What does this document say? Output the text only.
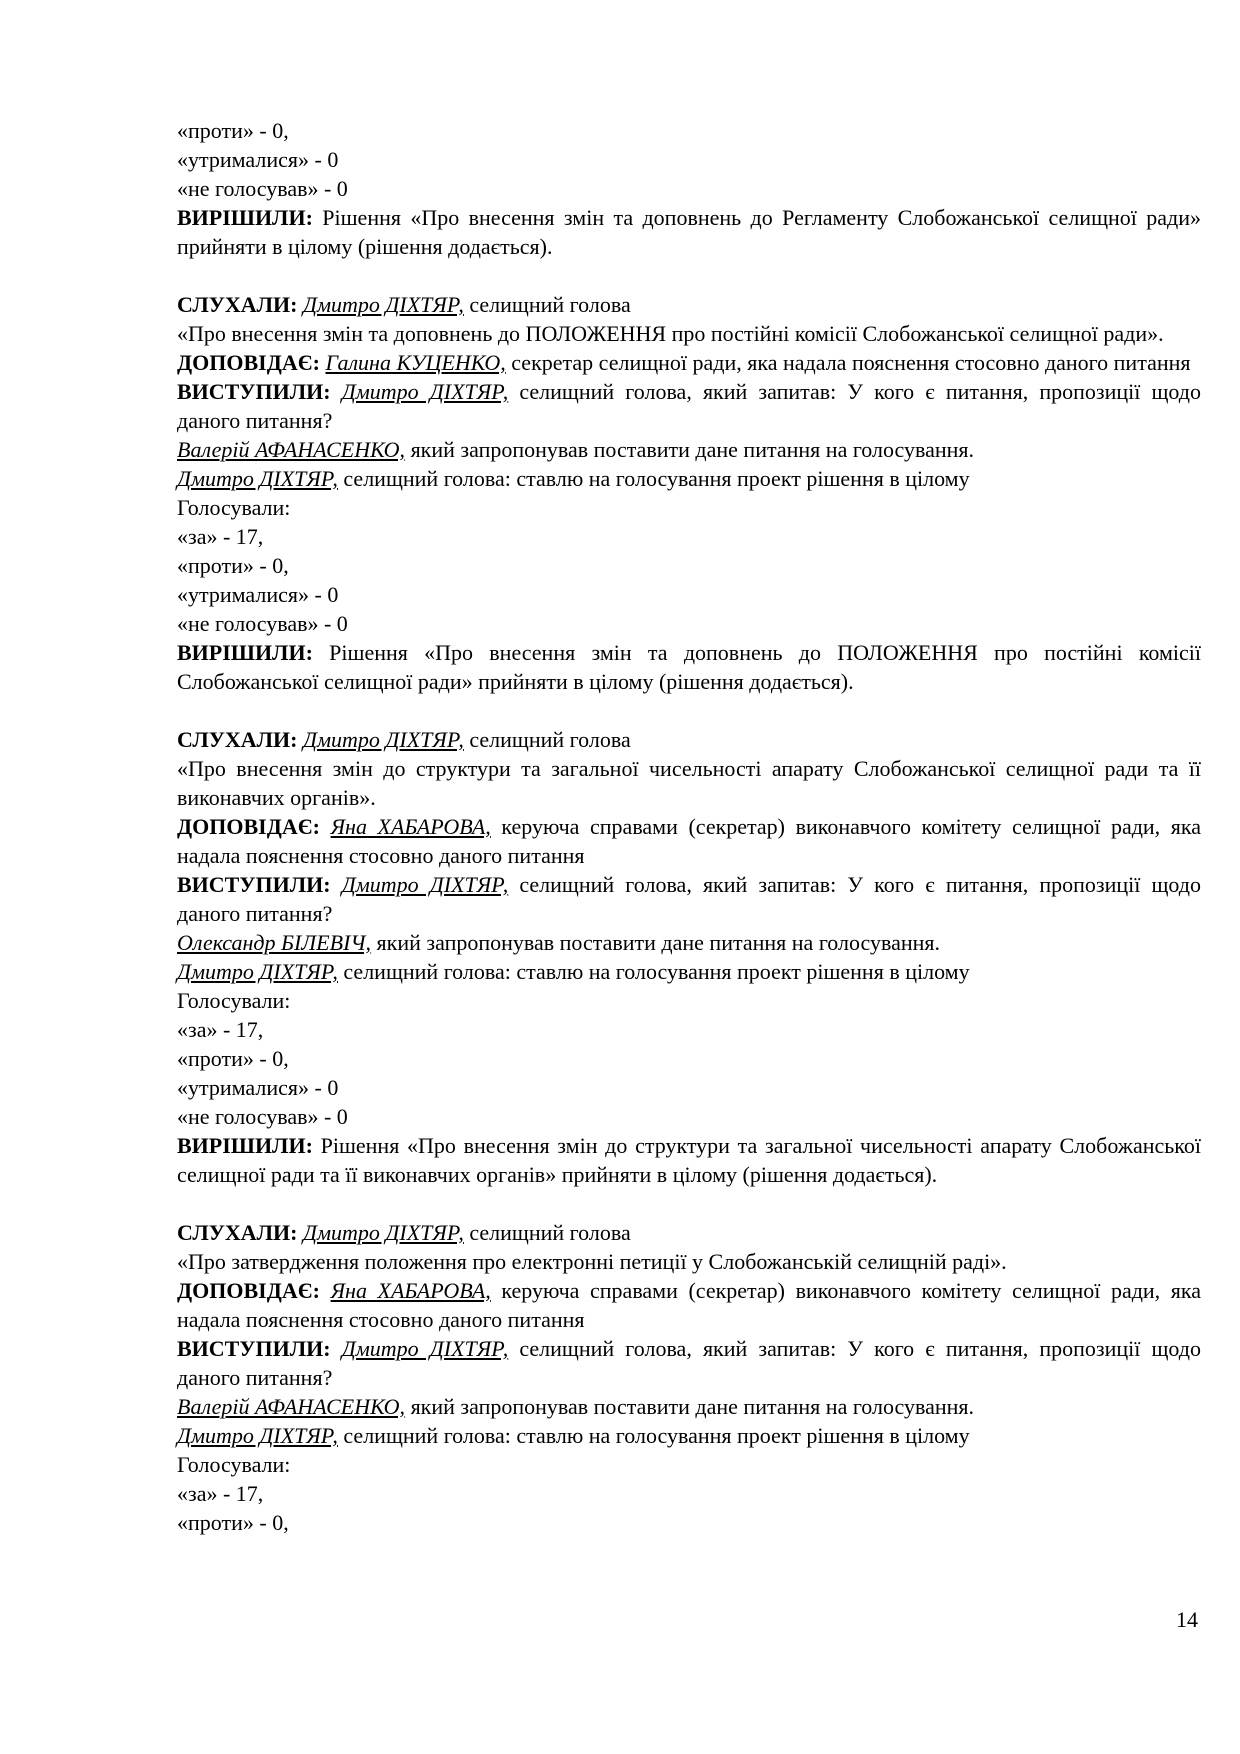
«проти» - 0,
«утрималися» - 0
«не голосував» - 0
ВИРІШИЛИ: Рішення «Про внесення змін та доповнень до Регламенту Слобожанської селищної ради» прийняти в цілому (рішення додається).
СЛУХАЛИ: Дмитро ДІХТЯР, селищний голова
«Про внесення змін та доповнень до ПОЛОЖЕННЯ про постійні комісії Слобожанської селищної ради».
ДОПОВІДАЄ: Галина КУЦЕНКО, секретар селищної ради, яка надала пояснення стосовно даного питання
ВИСТУПИЛИ: Дмитро ДІХТЯР, селищний голова, який запитав: У кого є питання, пропозиції щодо даного питання?
Валерій АФАНАСЕНКО, який запропонував поставити дане питання на голосування.
Дмитро ДІХТЯР, селищний голова: ставлю на голосування проект рішення в цілому
Голосували:
«за» - 17,
«проти» - 0,
«утрималися» - 0
«не голосував» - 0
ВИРІШИЛИ: Рішення «Про внесення змін та доповнень до ПОЛОЖЕННЯ про постійні комісії Слобожанської селищної ради» прийняти в цілому (рішення додається).
СЛУХАЛИ: Дмитро ДІХТЯР, селищний голова
«Про внесення змін до структури та загальної чисельності апарату Слобожанської селищної ради та її виконавчих органів».
ДОПОВІДАЄ: Яна ХАБАРОВА, керуюча справами (секретар) виконавчого комітету селищної ради, яка надала пояснення стосовно даного питання
ВИСТУПИЛИ: Дмитро ДІХТЯР, селищний голова, який запитав: У кого є питання, пропозиції щодо даного питання?
Олександр БІЛЕВІЧ, який запропонував поставити дане питання на голосування.
Дмитро ДІХТЯР, селищний голова: ставлю на голосування проект рішення в цілому
Голосували:
«за» - 17,
«проти» - 0,
«утрималися» - 0
«не голосував» - 0
ВИРІШИЛИ: Рішення «Про внесення змін до структури та загальної чисельності апарату Слобожанської селищної ради та її виконавчих органів» прийняти в цілому (рішення додається).
СЛУХАЛИ: Дмитро ДІХТЯР, селищний голова
«Про затвердження положення про електронні петиції у Слобожанській селищній раді».
ДОПОВІДАЄ: Яна ХАБАРОВА, керуюча справами (секретар) виконавчого комітету селищної ради, яка надала пояснення стосовно даного питання
ВИСТУПИЛИ: Дмитро ДІХТЯР, селищний голова, який запитав: У кого є питання, пропозиції щодо даного питання?
Валерій АФАНАСЕНКО, який запропонував поставити дане питання на голосування.
Дмитро ДІХТЯР, селищний голова: ставлю на голосування проект рішення в цілому
Голосували:
«за» - 17,
«проти» - 0,
14
